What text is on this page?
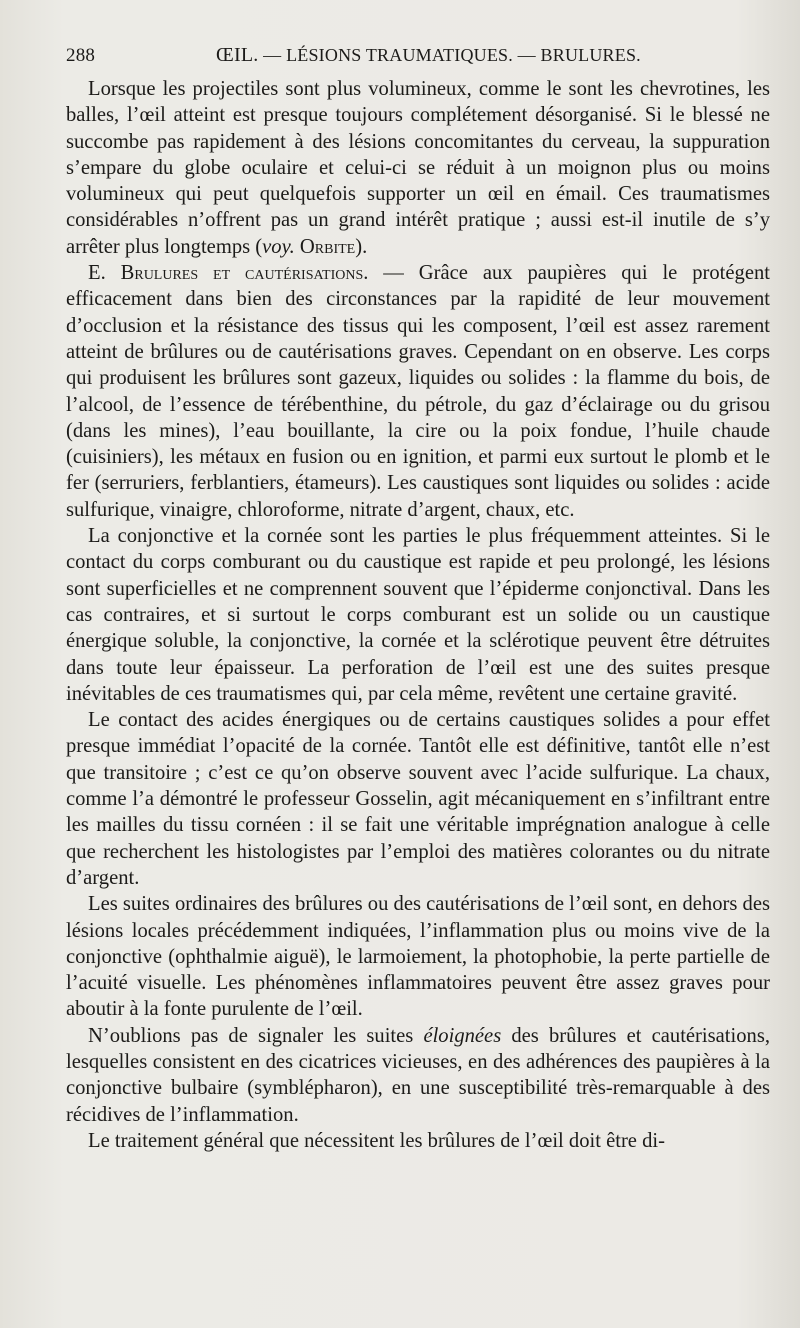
288	ŒIL. — LÉSIONS TRAUMATIQUES. — BRULURES.

Lorsque les projectiles sont plus volumineux, comme le sont les chevrotines, les balles, l’œil atteint est presque toujours complétement désorganisé. Si le blessé ne succombe pas rapidement à des lésions concomitantes du cerveau, la suppuration s’empare du globe oculaire et celui-ci se réduit à un moignon plus ou moins volumineux qui peut quelquefois supporter un œil en émail. Ces traumatismes considérables n’offrent pas un grand intérêt pratique ; aussi est-il inutile de s’y arrêter plus longtemps (voy. Orbite).

E. Brulures et cautérisations. — Grâce aux paupières qui le protégent efficacement dans bien des circonstances par la rapidité de leur mouvement d’occlusion et la résistance des tissus qui les composent, l’œil est assez rarement atteint de brûlures ou de cautérisations graves. Cependant on en observe. Les corps qui produisent les brûlures sont gazeux, liquides ou solides : la flamme du bois, de l’alcool, de l’essence de térébenthine, du pétrole, du gaz d’éclairage ou du grisou (dans les mines), l’eau bouillante, la cire ou la poix fondue, l’huile chaude (cuisiniers), les métaux en fusion ou en ignition, et parmi eux surtout le plomb et le fer (serruriers, ferblantiers, étameurs). Les caustiques sont liquides ou solides : acide sulfurique, vinaigre, chloroforme, nitrate d’argent, chaux, etc.

La conjonctive et la cornée sont les parties le plus fréquemment atteintes. Si le contact du corps comburant ou du caustique est rapide et peu prolongé, les lésions sont superficielles et ne comprennent souvent que l’épiderme conjonctival. Dans les cas contraires, et si surtout le corps comburant est un solide ou un caustique énergique soluble, la conjonctive, la cornée et la sclérotique peuvent être détruites dans toute leur épaisseur. La perforation de l’œil est une des suites presque inévitables de ces traumatismes qui, par cela même, revêtent une certaine gravité.

Le contact des acides énergiques ou de certains caustiques solides a pour effet presque immédiat l’opacité de la cornée. Tantôt elle est définitive, tantôt elle n’est que transitoire ; c’est ce qu’on observe souvent avec l’acide sulfurique. La chaux, comme l’a démontré le professeur Gosselin, agit mécaniquement en s’infiltrant entre les mailles du tissu cornéen : il se fait une véritable imprégnation analogue à celle que recherchent les histologistes par l’emploi des matières colorantes ou du nitrate d’argent.

Les suites ordinaires des brûlures ou des cautérisations de l’œil sont, en dehors des lésions locales précédemment indiquées, l’inflammation plus ou moins vive de la conjonctive (ophthalmie aiguë), le larmoiement, la photophobie, la perte partielle de l’acuité visuelle. Les phénomènes inflammatoires peuvent être assez graves pour aboutir à la fonte purulente de l’œil.

N’oublions pas de signaler les suites éloignées des brûlures et cautérisations, lesquelles consistent en des cicatrices vicieuses, en des adhérences des paupières à la conjonctive bulbaire (symblépharon), en une susceptibilité très-remarquable à des récidives de l’inflammation.

Le traitement général que nécessitent les brûlures de l’œil doit être di-
